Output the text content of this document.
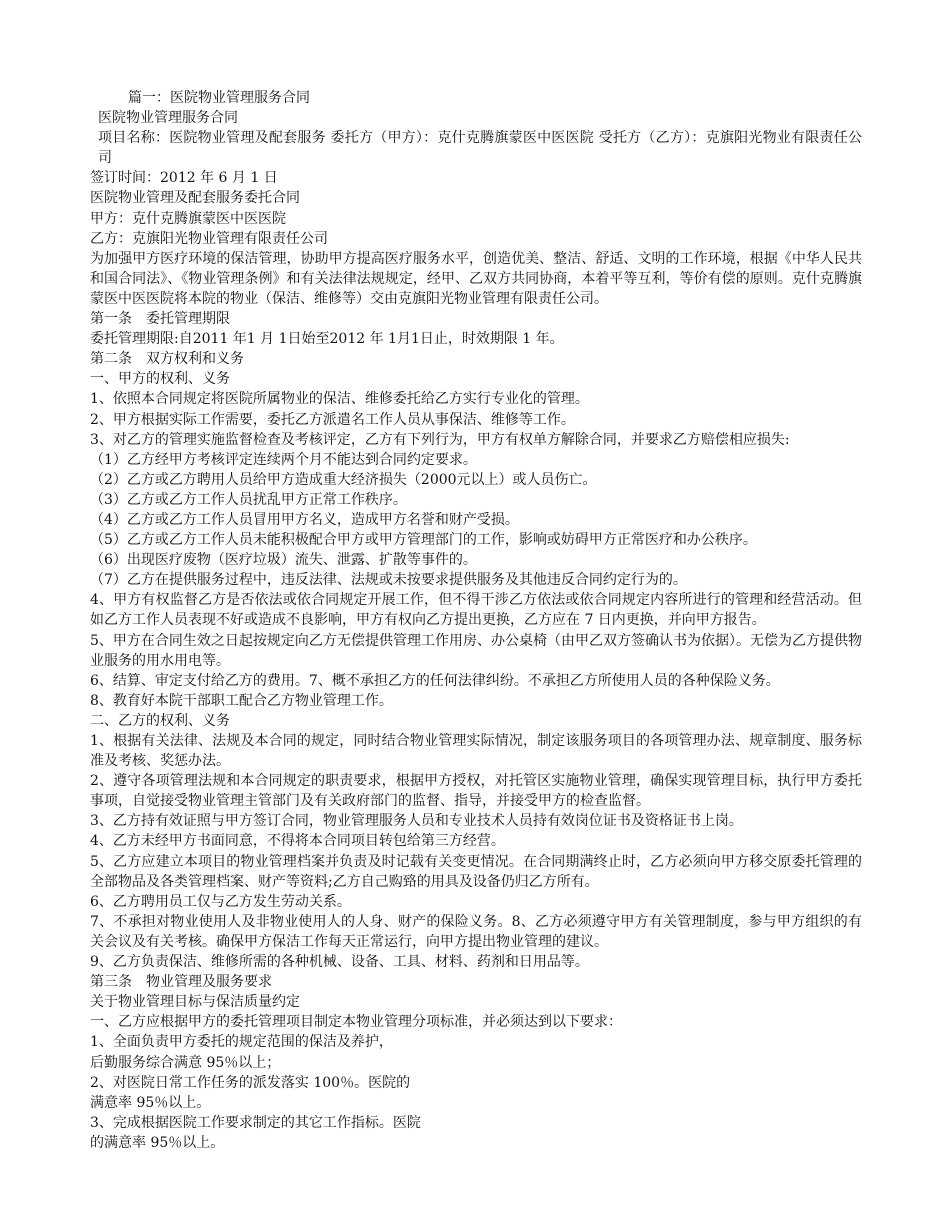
篇一：医院物业管理服务合同

医院物业管理服务合同

项目名称：医院物业管理及配套服务 委托方（甲方）：克什克腾旗蒙医中医医院 受托方（乙方）：克旗阳光物业有限责任公司

签订时间：2012 年 6 月 1 日

医院物业管理及配套服务委托合同

甲方：克什克腾旗蒙医中医医院

乙方：克旗阳光物业管理有限责任公司

为加强甲方医疗环境的保洁管理，协助甲方提高医疗服务水平，创造优美、整洁、舒适、文明的工作环境，根据《中华人民共和国合同法》、《物业管理条例》和有关法律法规规定，经甲、乙双方共同协商，本着平等互利，等价有偿的原则。克什克腾旗蒙医中医医院将本院的物业（保洁、维修等）交由克旗阳光物业管理有限责任公司。

第一条　委托管理期限

委托管理期限:自2011 年1 月 1日始至2012 年 1月1日止，时效期限 1 年。

第二条　双方权利和义务

一、甲方的权利、义务

1、依照本合同规定将医院所属物业的保洁、维修委托给乙方实行专业化的管理。

2、甲方根据实际工作需要，委托乙方派遣名工作人员从事保洁、维修等工作。

3、对乙方的管理实施监督检查及考核评定，乙方有下列行为，甲方有权单方解除合同，并要求乙方赔偿相应损失:

（1）乙方经甲方考核评定连续两个月不能达到合同约定要求。

（2）乙方或乙方聘用人员给甲方造成重大经济损失（2000元以上）或人员伤亡。

（3）乙方或乙方工作人员扰乱甲方正常工作秩序。

（4）乙方或乙方工作人员冒用甲方名义，造成甲方名誉和财产受损。

（5）乙方或乙方工作人员未能积极配合甲方或甲方管理部门的工作，影响或妨碍甲方正常医疗和办公秩序。

（6）出现医疗废物（医疗垃圾）流失、泄露、扩散等事件的。

（7）乙方在提供服务过程中，违反法律、法规或未按要求提供服务及其他违反合同约定行为的。

4、甲方有权监督乙方是否依法或依合同规定开展工作，但不得干涉乙方依法或依合同规定内容所进行的管理和经营活动。但如乙方工作人员表现不好或造成不良影响，甲方有权向乙方提出更换，乙方应在 7 日内更换，并向甲方报告。

5、甲方在合同生效之日起按规定向乙方无偿提供管理工作用房、办公桌椅（由甲乙双方签确认书为依据）。无偿为乙方提供物业服务的用水用电等。

6、结算、审定支付给乙方的费用。7、概不承担乙方的任何法律纠纷。不承担乙方所使用人员的各种保险义务。

8、教育好本院干部职工配合乙方物业管理工作。

二、乙方的权利、义务

1、根据有关法律、法规及本合同的规定，同时结合物业管理实际情况，制定该服务项目的各项管理办法、规章制度、服务标准及考核、奖惩办法。

2、遵守各项管理法规和本合同规定的职责要求，根据甲方授权，对托管区实施物业管理，确保实现管理目标，执行甲方委托事项，自觉接受物业管理主管部门及有关政府部门的监督、指导，并接受甲方的检查监督。

3、乙方持有效证照与甲方签订合同，物业管理服务人员和专业技术人员持有效岗位证书及资格证书上岗。

4、乙方未经甲方书面同意，不得将本合同项目转包给第三方经营。

5、乙方应建立本项目的物业管理档案并负责及时记载有关变更情况。在合同期满终止时，乙方必须向甲方移交原委托管理的全部物品及各类管理档案、财产等资料;乙方自己购臵的用具及设备仍归乙方所有。

6、乙方聘用员工仅与乙方发生劳动关系。

7、不承担对物业使用人及非物业使用人的人身、财产的保险义务。8、乙方必须遵守甲方有关管理制度，参与甲方组织的有关会议及有关考核。确保甲方保洁工作每天正常运行，向甲方提出物业管理的建议。

9、乙方负责保洁、维修所需的各种机械、设备、工具、材料、药剂和日用品等。

第三条　物业管理及服务要求

关于物业管理目标与保洁质量约定

一、乙方应根据甲方的委托管理项目制定本物业管理分项标准，并必须达到以下要求：

1、全面负责甲方委托的规定范围的保洁及养护，

后勤服务综合满意 95％以上；

2、对医院日常工作任务的派发落实 100％。医院的

满意率 95％以上。

3、完成根据医院工作要求制定的其它工作指标。医院

的满意率 95％以上。
